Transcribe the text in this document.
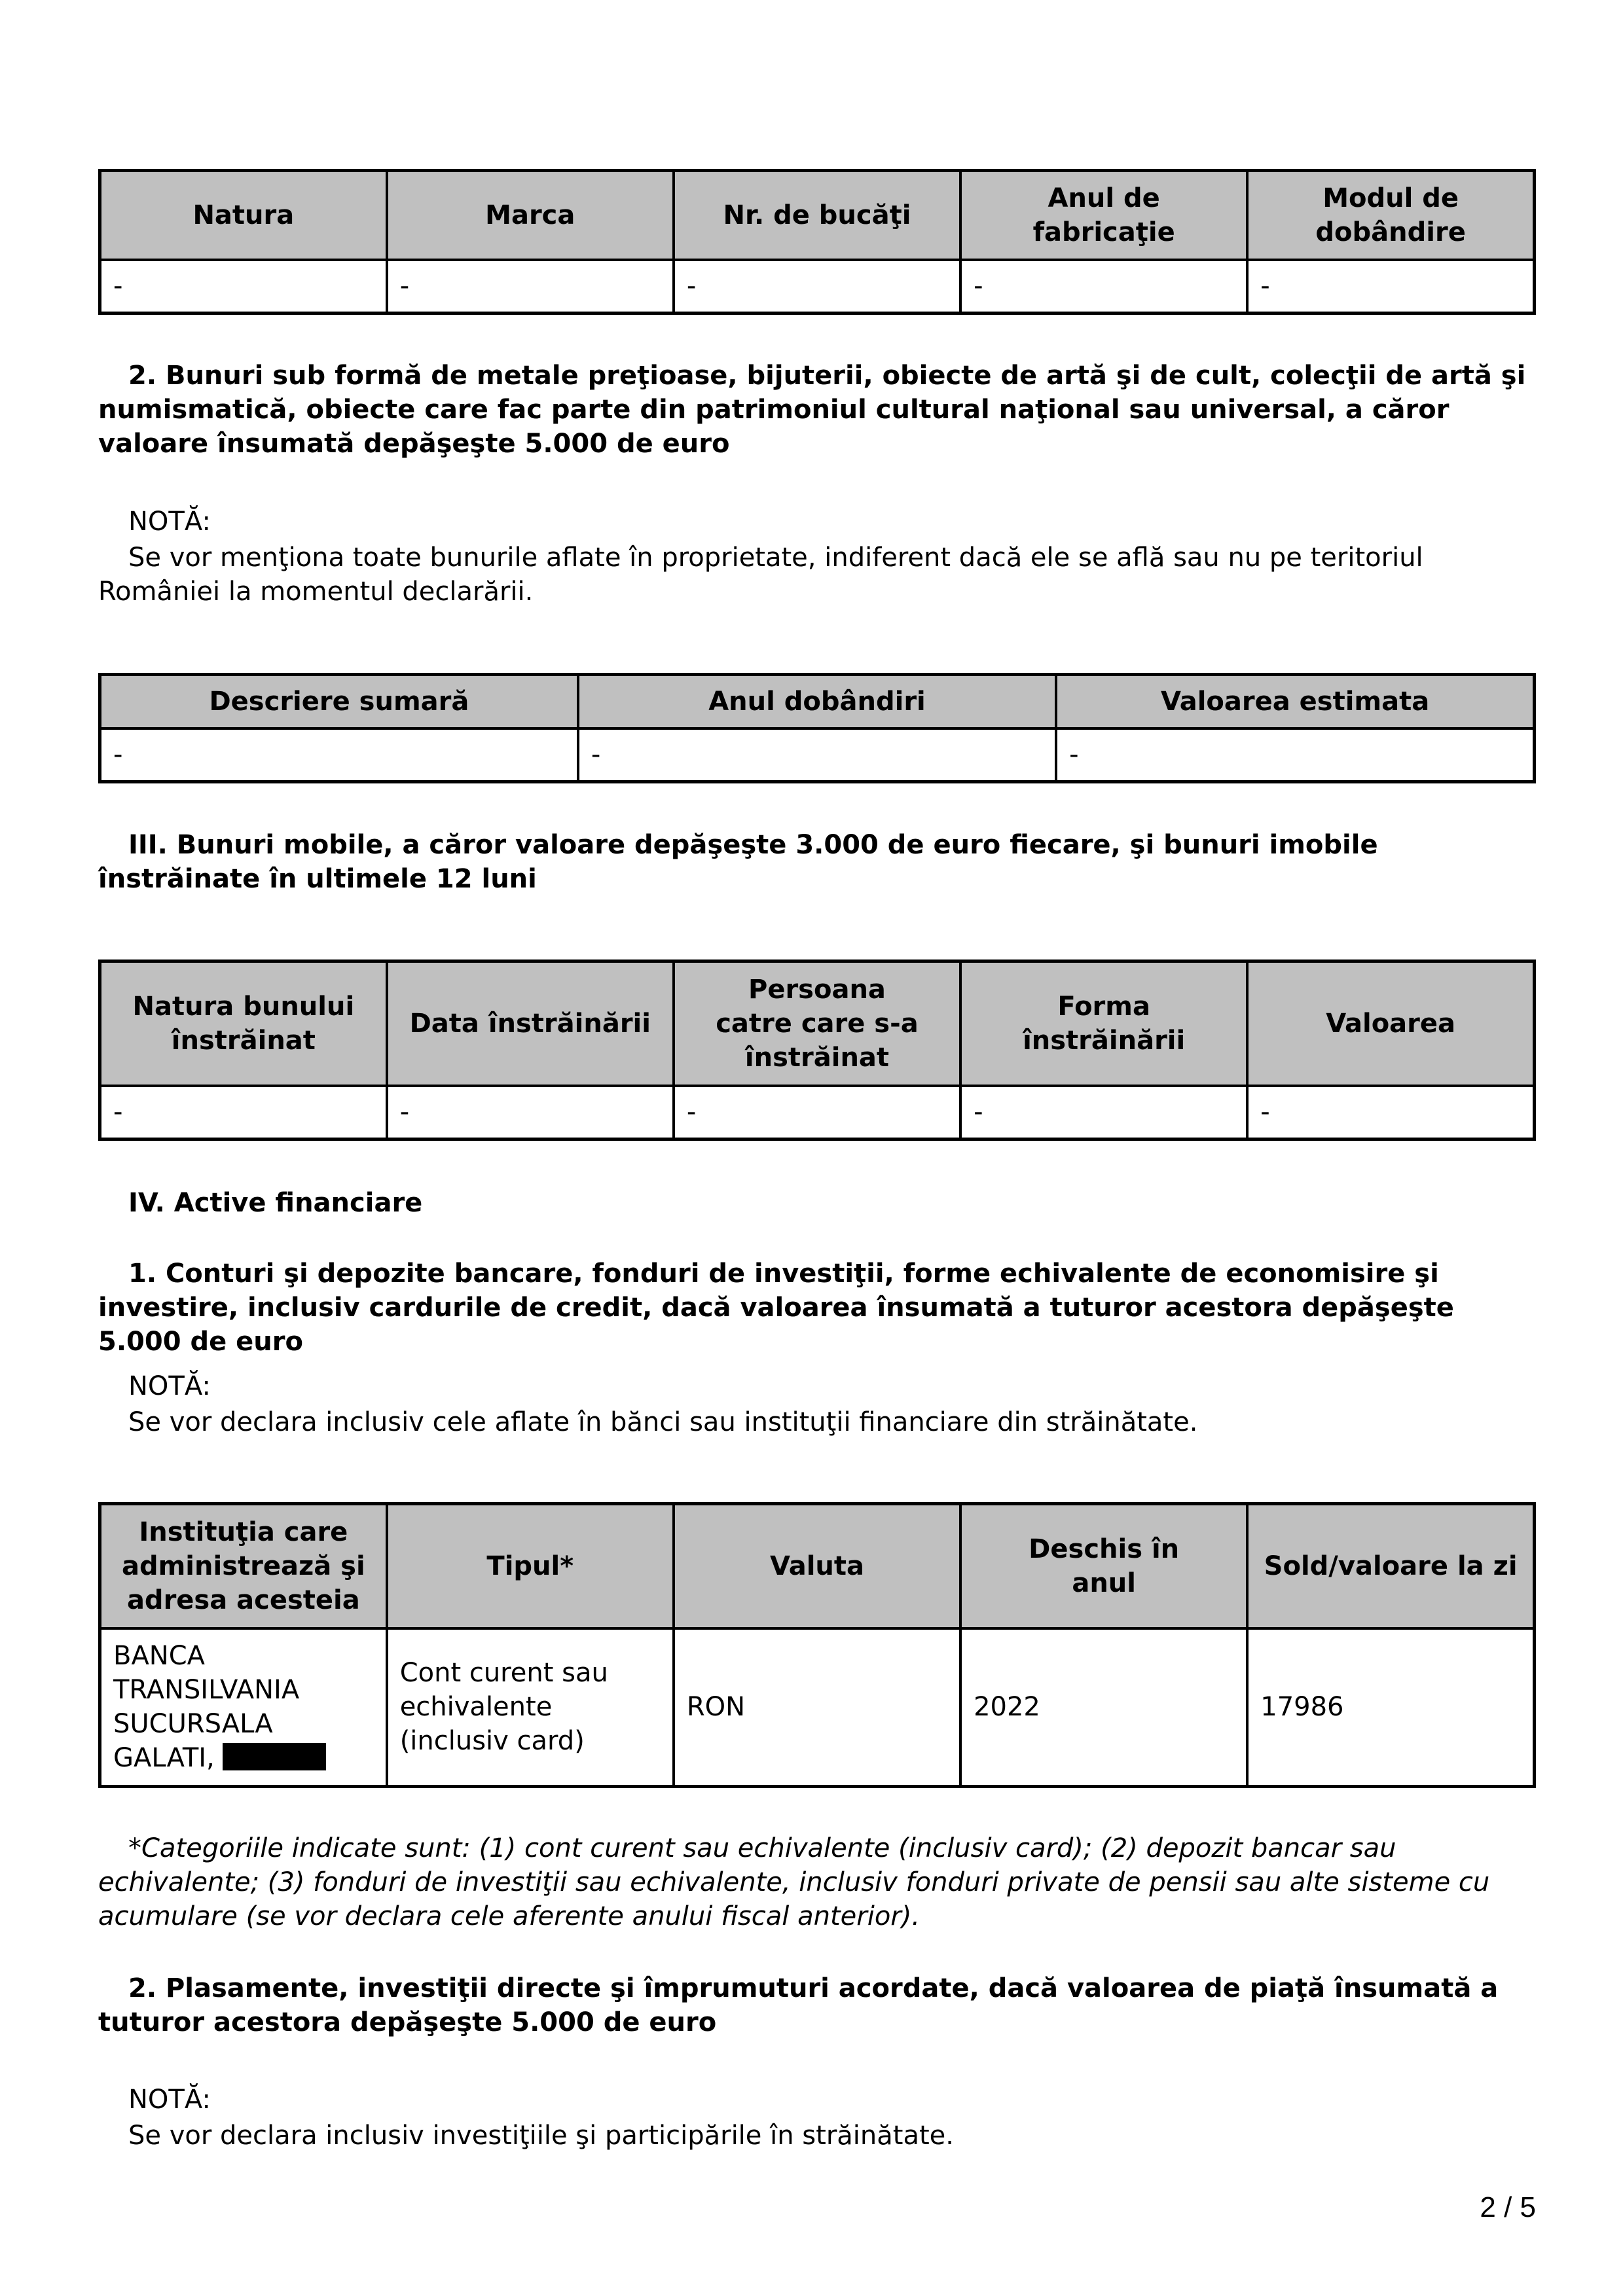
Natura	Marca	Nr. de bucăţi	Anul de fabricaţie	Modul de dobândire
-	-	-	-	-

2. Bunuri sub formă de metale preţioase, bijuterii, obiecte de artă şi de cult, colecţii de artă şi numismatică, obiecte care fac parte din patrimoniul cultural naţional sau universal, a căror valoare însumată depăşeşte 5.000 de euro

NOTĂ:

Se vor menţiona toate bunurile aflate în proprietate, indiferent dacă ele se află sau nu pe teritoriul României la momentul declarării.

Descriere sumară	Anul dobândiri	Valoarea estimata
-	-	-

III. Bunuri mobile, a căror valoare depăşeşte 3.000 de euro fiecare, şi bunuri imobile înstrăinate în ultimele 12 luni

Natura bunului înstrăinat	Data înstrăinării	Persoana catre care s-a înstrăinat	Forma înstrăinării	Valoarea
-	-	-	-	-

IV. Active financiare

1. Conturi şi depozite bancare, fonduri de investiţii, forme echivalente de economisire şi investire, inclusiv cardurile de credit, dacă valoarea însumată a tuturor acestora depăşeşte 5.000 de euro

NOTĂ:

Se vor declara inclusiv cele aflate în bănci sau instituţii financiare din străinătate.

Instituţia care administrează şi adresa acesteia	Tipul*	Valuta	Deschis în anul	Sold/valoare la zi
BANCA TRANSILVANIA SUCURSALA GALATI,	Cont curent sau echivalente (inclusiv card)	RON	2022	17986

*Categoriile indicate sunt: (1) cont curent sau echivalente (inclusiv card); (2) depozit bancar sau echivalente; (3) fonduri de investiţii sau echivalente, inclusiv fonduri private de pensii sau alte sisteme cu acumulare (se vor declara cele aferente anului fiscal anterior).

2. Plasamente, investiţii directe şi împrumuturi acordate, dacă valoarea de piaţă însumată a tuturor acestora depăşeşte 5.000 de euro

NOTĂ:

Se vor declara inclusiv investiţiile şi participările în străinătate.

2 / 5
